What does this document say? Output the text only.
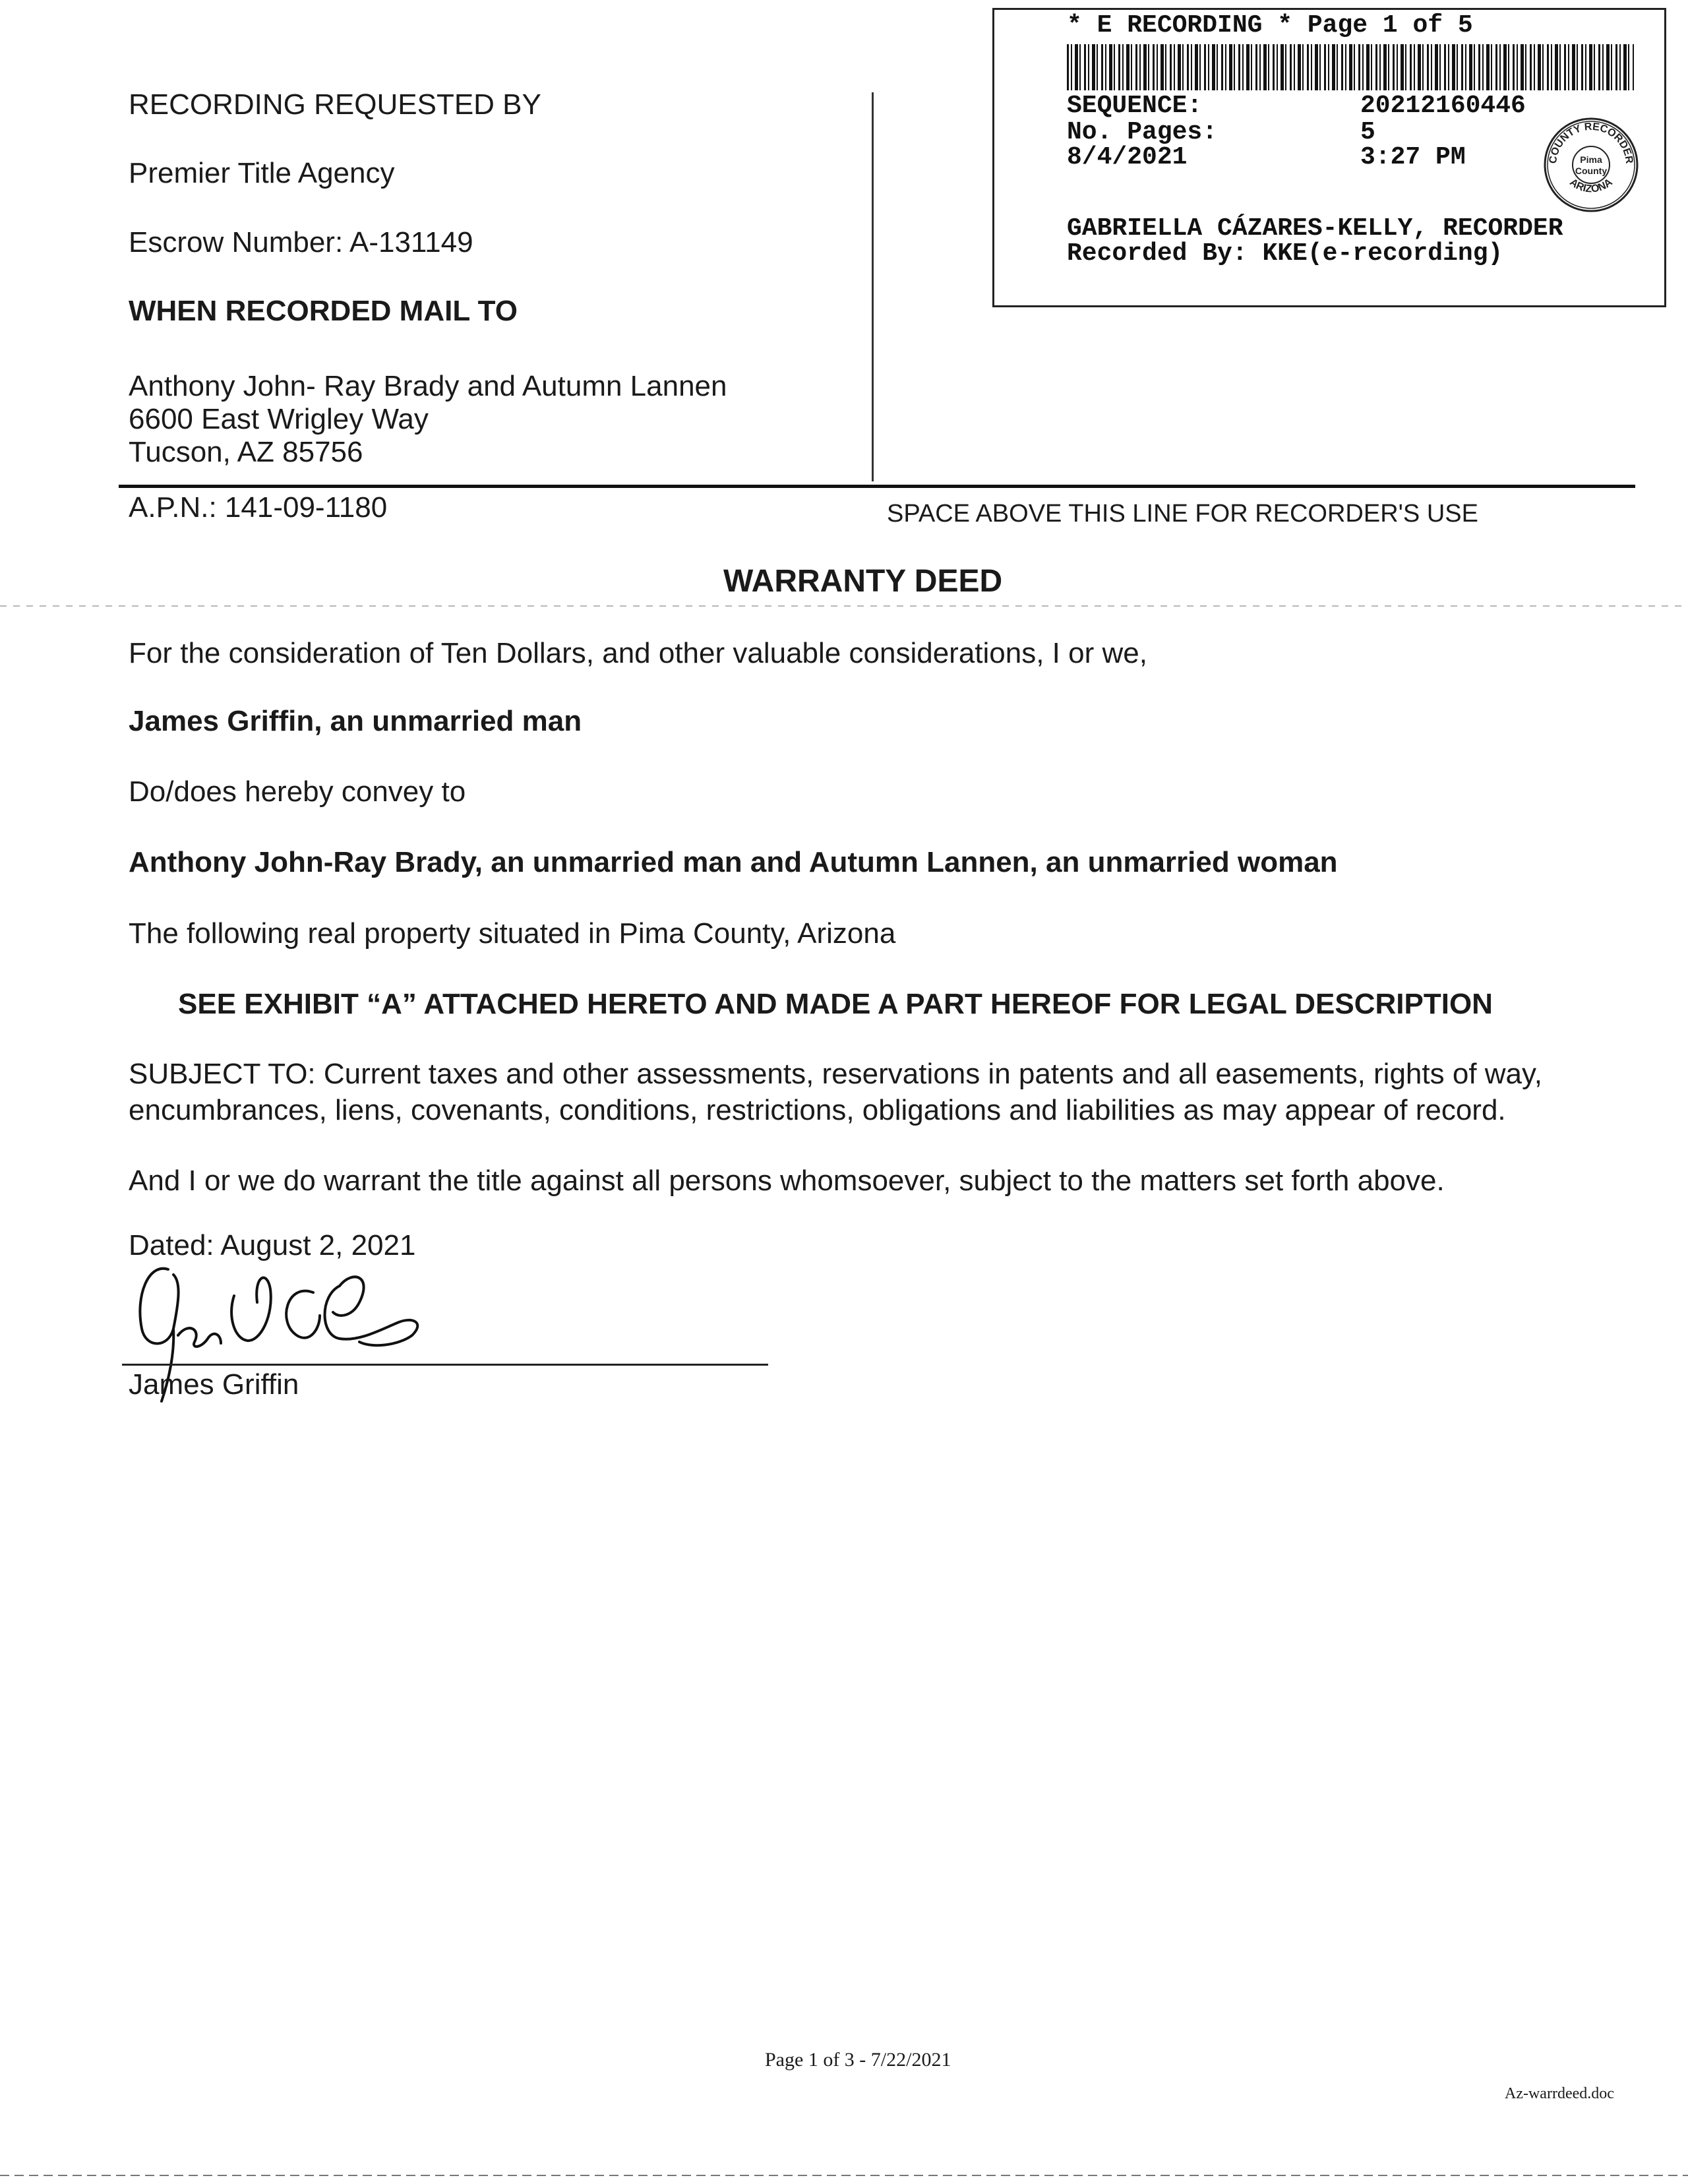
RECORDING REQUESTED BY
Premier Title Agency
Escrow Number: A-131149
WHEN RECORDED MAIL TO
Anthony John- Ray Brady and Autumn Lannen
6600 East Wrigley Way
Tucson, AZ 85756
* E RECORDING * Page 1 of 5
SEQUENCE:	20212160446
No. Pages:	5
8/4/2021	3:27 PM	COUNTY RECORDER
ARIZONA
Pima
County
GABRIELLA CÁZARES-KELLY, RECORDER
Recorded By: KKE(e-recording)
A.P.N.: 141-09-1180	SPACE ABOVE THIS LINE FOR RECORDER'S USE
WARRANTY DEED
For the consideration of Ten Dollars, and other valuable considerations, I or we,
James Griffin, an unmarried man
Do/does hereby convey to
Anthony John-Ray Brady, an unmarried man and Autumn Lannen, an unmarried woman
The following real property situated in Pima County, Arizona
SEE EXHIBIT “A” ATTACHED HERETO AND MADE A PART HEREOF FOR LEGAL DESCRIPTION
SUBJECT TO: Current taxes and other assessments, reservations in patents and all easements, rights of way,
encumbrances, liens, covenants, conditions, restrictions, obligations and liabilities as may appear of record.
And I or we do warrant the title against all persons whomsoever, subject to the matters set forth above.
Dated: August 2, 2021
James Griffin
Page 1 of 3 - 7/22/2021
Az-warrdeed.doc
